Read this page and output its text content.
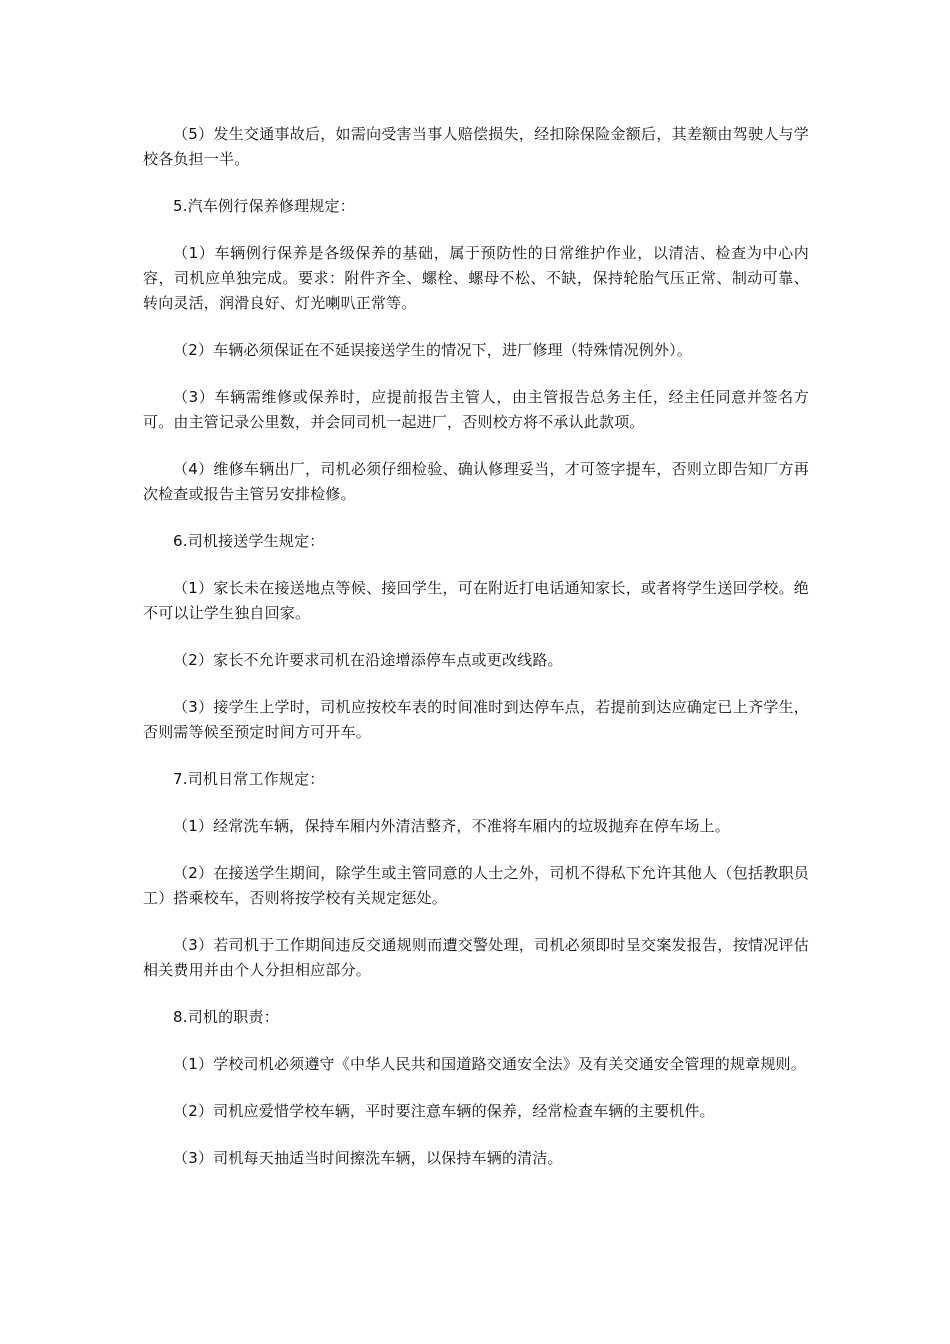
（5）发生交通事故后，如需向受害当事人赔偿损失，经扣除保险金额后，其差额由驾驶人与学校各负担一半。

5.汽车例行保养修理规定：

（1）车辆例行保养是各级保养的基础，属于预防性的日常维护作业，以清洁、检查为中心内容，司机应单独完成。要求：附件齐全、螺栓、螺母不松、不缺，保持轮胎气压正常、制动可靠、转向灵活，润滑良好、灯光喇叭正常等。

（2）车辆必须保证在不延误接送学生的情况下，进厂修理（特殊情况例外）。

（3）车辆需维修或保养时，应提前报告主管人，由主管报告总务主任，经主任同意并签名方可。由主管记录公里数，并会同司机一起进厂，否则校方将不承认此款项。

（4）维修车辆出厂，司机必须仔细检验、确认修理妥当，才可签字提车，否则立即告知厂方再次检查或报告主管另安排检修。

6.司机接送学生规定：

（1）家长未在接送地点等候、接回学生，可在附近打电话通知家长，或者将学生送回学校。绝不可以让学生独自回家。

（2）家长不允许要求司机在沿途增添停车点或更改线路。

（3）接学生上学时，司机应按校车表的时间准时到达停车点，若提前到达应确定已上齐学生，否则需等候至预定时间方可开车。

7.司机日常工作规定：

（1）经常洗车辆，保持车厢内外清洁整齐，不准将车厢内的垃圾抛弃在停车场上。

（2）在接送学生期间，除学生或主管同意的人士之外，司机不得私下允许其他人（包括教职员工）搭乘校车，否则将按学校有关规定惩处。

（3）若司机于工作期间违反交通规则而遭交警处理，司机必须即时呈交案发报告，按情况评估相关费用并由个人分担相应部分。

8.司机的职责：

（1）学校司机必须遵守《中华人民共和国道路交通安全法》及有关交通安全管理的规章规则。

（2）司机应爱惜学校车辆，平时要注意车辆的保养，经常检查车辆的主要机件。

（3）司机每天抽适当时间擦洗车辆，以保持车辆的清洁。
